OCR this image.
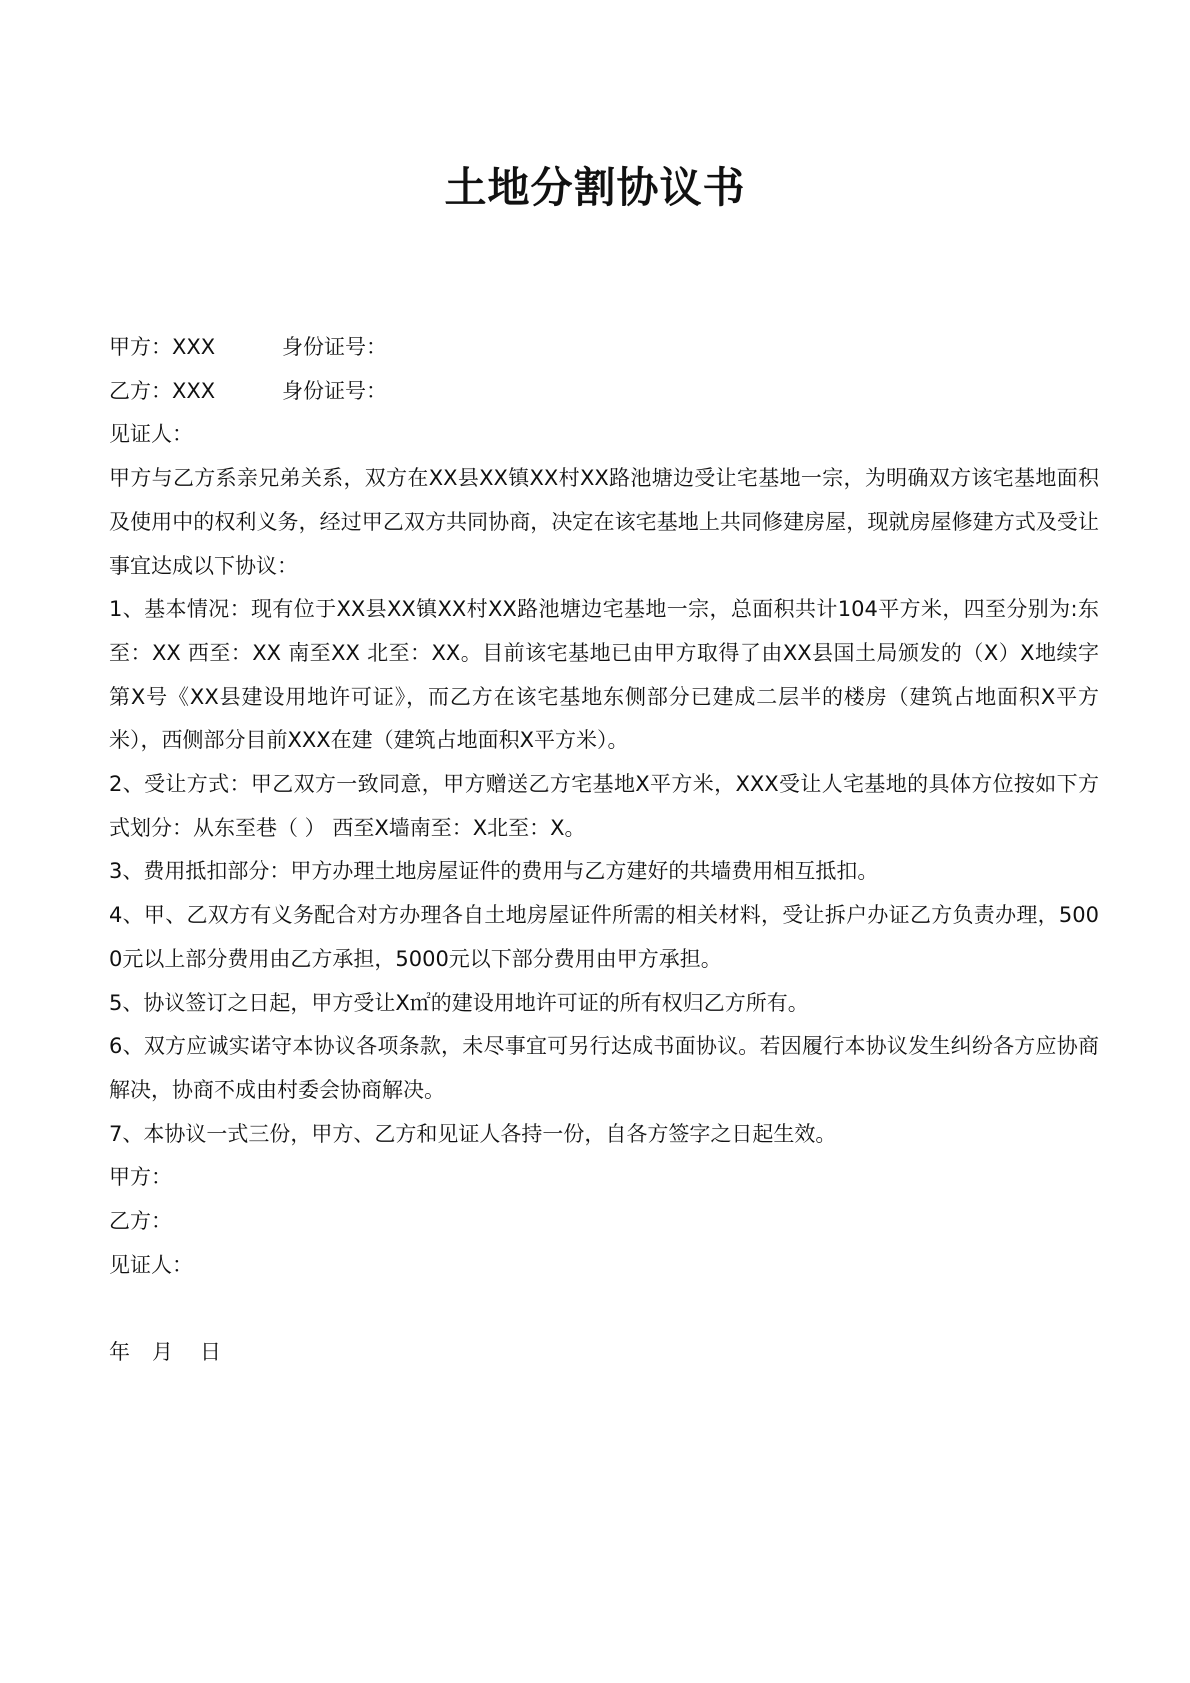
土地分割协议书
甲方：XXX	身份证号：
乙方：XXX	身份证号：
见证人：
甲方与乙方系亲兄弟关系，双方在XX县XX镇XX村XX路池塘边受让宅基地一宗，为明确双方该宅基地面积及使用中的权利义务，经过甲乙双方共同协商，决定在该宅基地上共同修建房屋，现就房屋修建方式及受让事宜达成以下协议：
1、基本情况：现有位于XX县XX镇XX村XX路池塘边宅基地一宗，总面积共计104平方米，四至分别为:东至：XX 西至：XX 南至XX 北至：XX。目前该宅基地已由甲方取得了由XX县国土局颁发的（X）X地续字第X号《XX县建设用地许可证》，而乙方在该宅基地东侧部分已建成二层半的楼房（建筑占地面积X平方米），西侧部分目前XXX在建（建筑占地面积X平方米）。
2、受让方式：甲乙双方一致同意，甲方赠送乙方宅基地X平方米，XXX受让人宅基地的具体方位按如下方式划分：从东至巷（ ） 西至X墙南至：X北至：X。
3、费用抵扣部分：甲方办理土地房屋证件的费用与乙方建好的共墙费用相互抵扣。
4、甲、乙双方有义务配合对方办理各自土地房屋证件所需的相关材料，受让拆户办证乙方负责办理，5000元以上部分费用由乙方承担，5000元以下部分费用由甲方承担。
5、协议签订之日起，甲方受让X㎡的建设用地许可证的所有权归乙方所有。
6、双方应诚实诺守本协议各项条款，未尽事宜可另行达成书面协议。若因履行本协议发生纠纷各方应协商解决，协商不成由村委会协商解决。
7、本协议一式三份，甲方、乙方和见证人各持一份，自各方签字之日起生效。
甲方：
乙方：
见证人：
年 月 日
